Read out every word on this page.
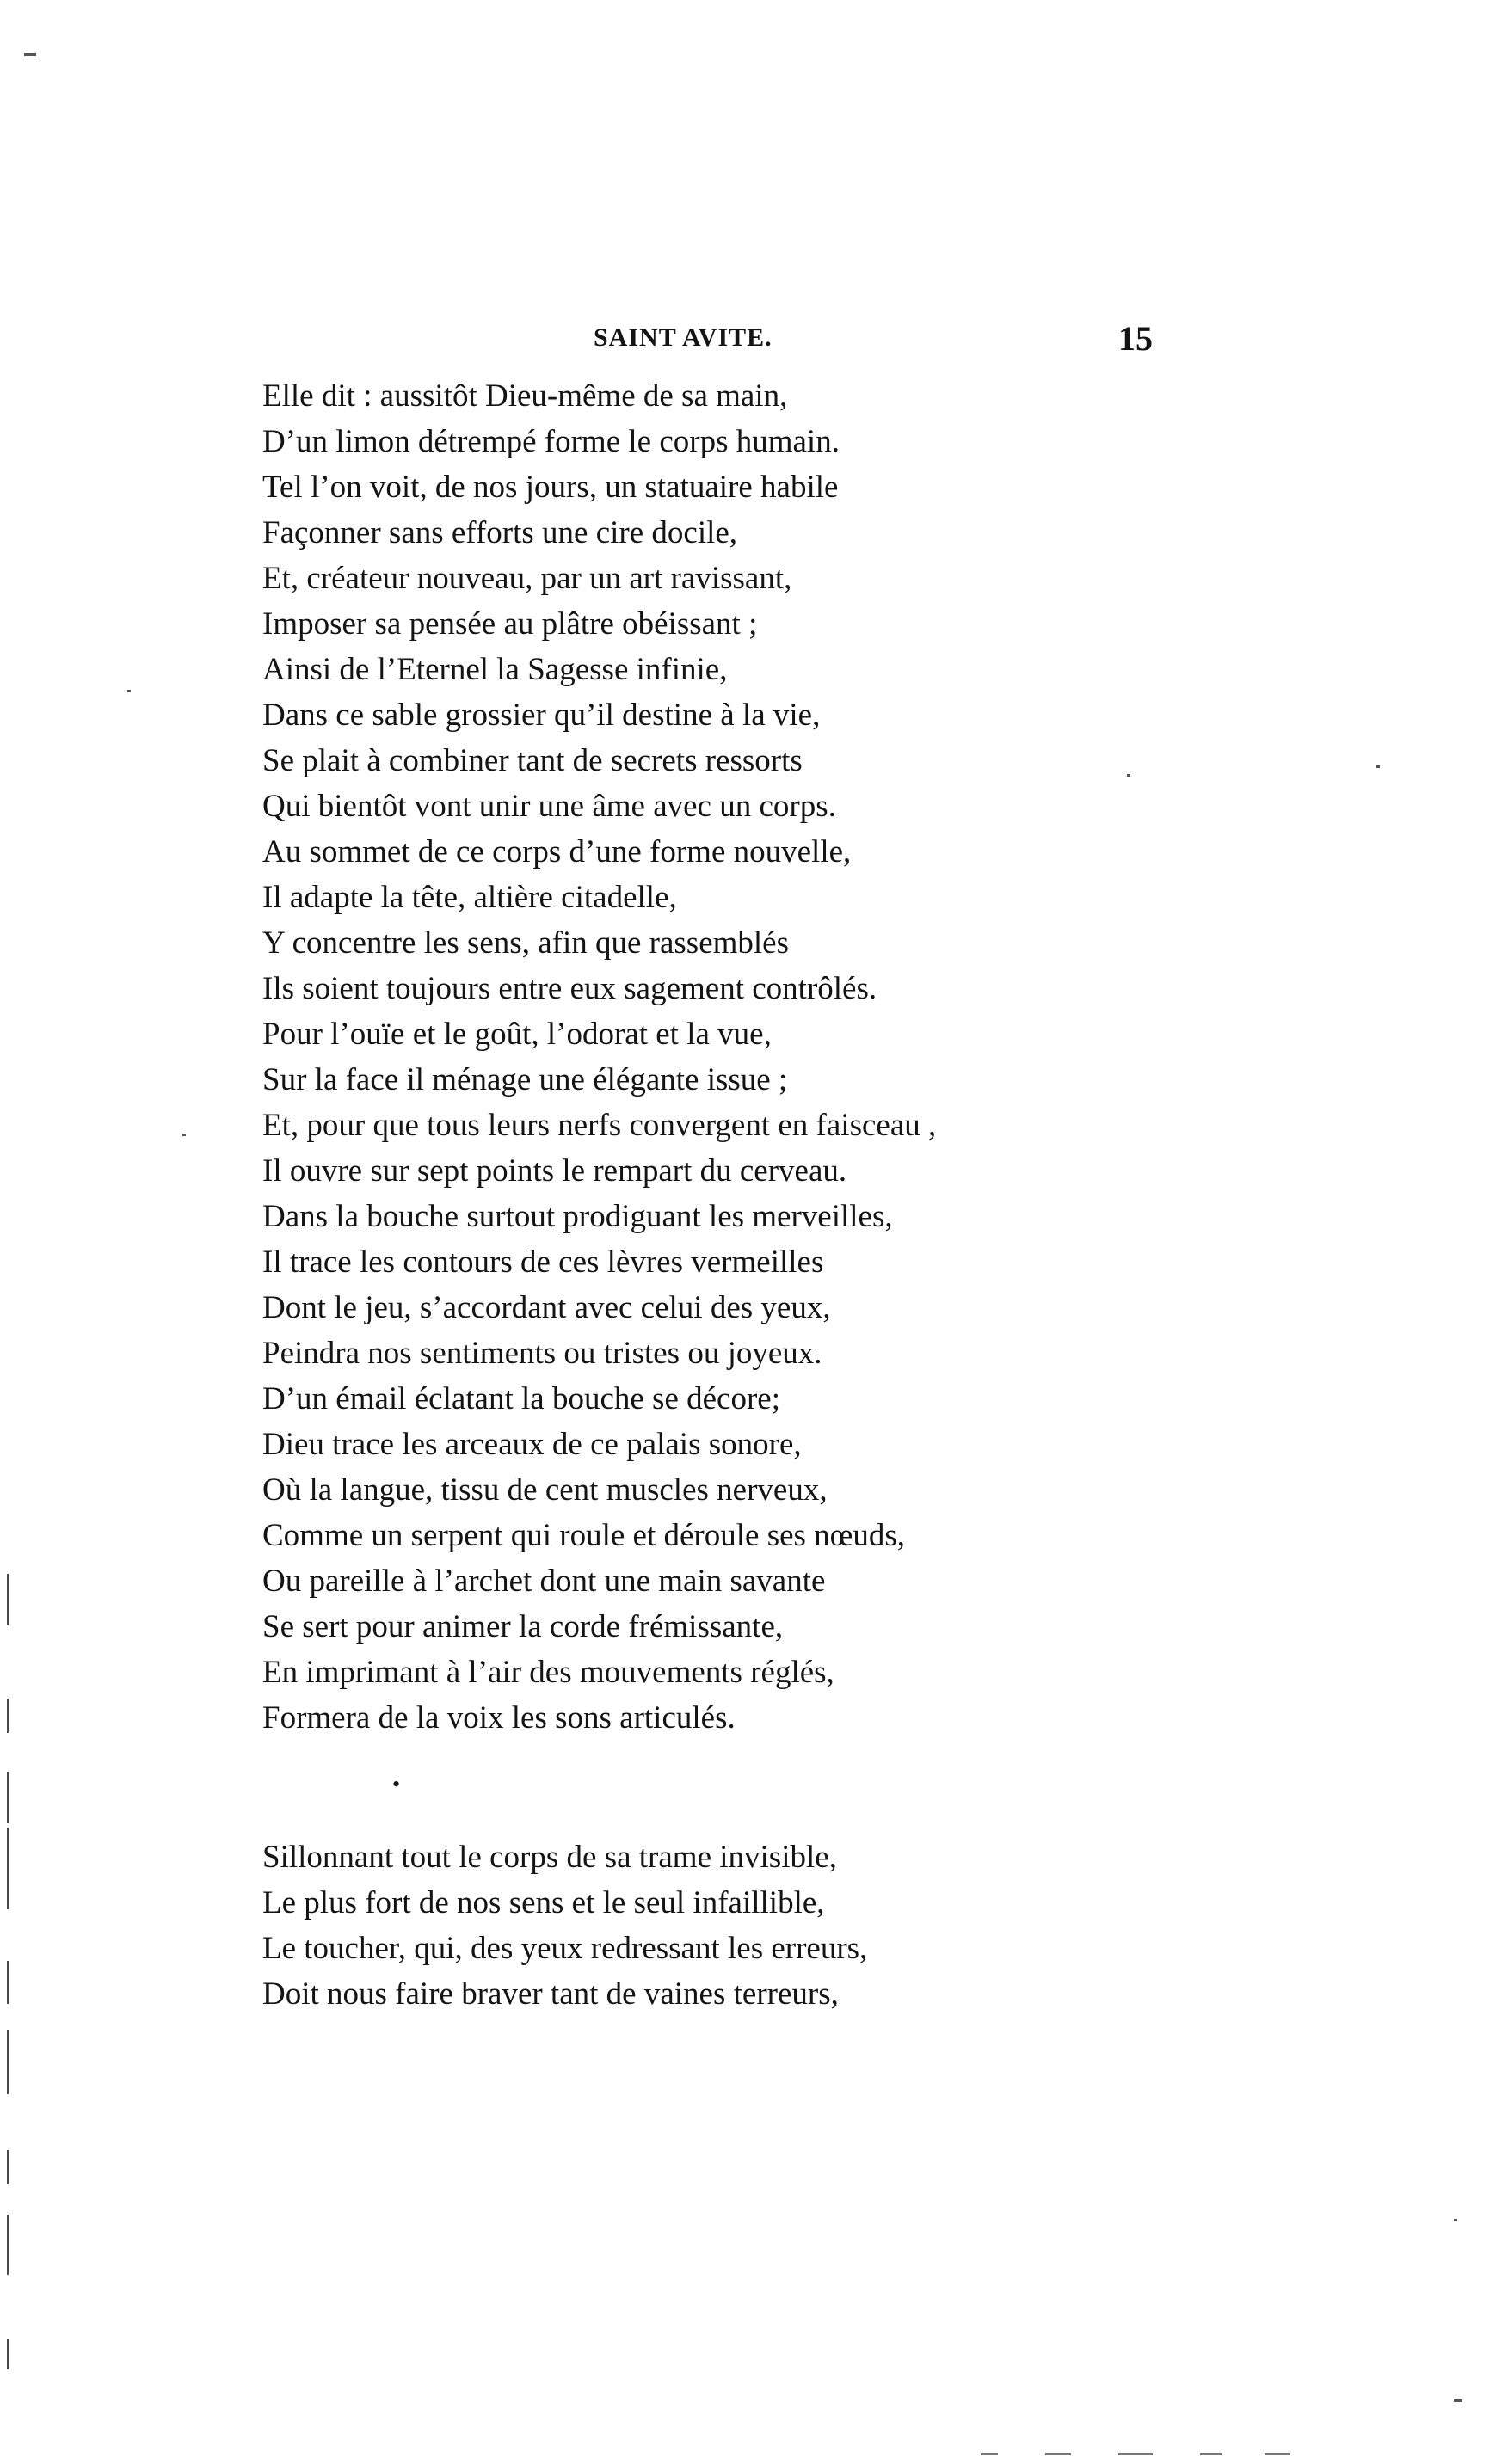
SAINT AVITE.	15
Elle dit : aussitôt Dieu-même de sa main,
D’un limon détrempé forme le corps humain.
Tel l’on voit, de nos jours, un statuaire habile
Façonner sans efforts une cire docile,
Et, créateur nouveau, par un art ravissant,
Imposer sa pensée au plâtre obéissant ;
Ainsi de l’Eternel la Sagesse infinie,
Dans ce sable grossier qu’il destine à la vie,
Se plait à combiner tant de secrets ressorts
Qui bientôt vont unir une âme avec un corps.
Au sommet de ce corps d’une forme nouvelle,
Il adapte la tête, altière citadelle,
Y concentre les sens, afin que rassemblés
Ils soient toujours entre eux sagement contrôlés.
Pour l’ouïe et le goût, l’odorat et la vue,
Sur la face il ménage une élégante issue ;
Et, pour que tous leurs nerfs convergent en faisceau ,
Il ouvre sur sept points le rempart du cerveau.
Dans la bouche surtout prodiguant les merveilles,
Il trace les contours de ces lèvres vermeilles
Dont le jeu, s’accordant avec celui des yeux,
Peindra nos sentiments ou tristes ou joyeux.
D’un émail éclatant la bouche se décore;
Dieu trace les arceaux de ce palais sonore,
Où la langue, tissu de cent muscles nerveux,
Comme un serpent qui roule et déroule ses nœuds,
Ou pareille à l’archet dont une main savante
Se sert pour animer la corde frémissante,
En imprimant à l’air des mouvements réglés,
Formera de la voix les sons articulés.
•
Sillonnant tout le corps de sa trame invisible,
Le plus fort de nos sens et le seul infaillible,
Le toucher, qui, des yeux redressant les erreurs,
Doit nous faire braver tant de vaines terreurs,
